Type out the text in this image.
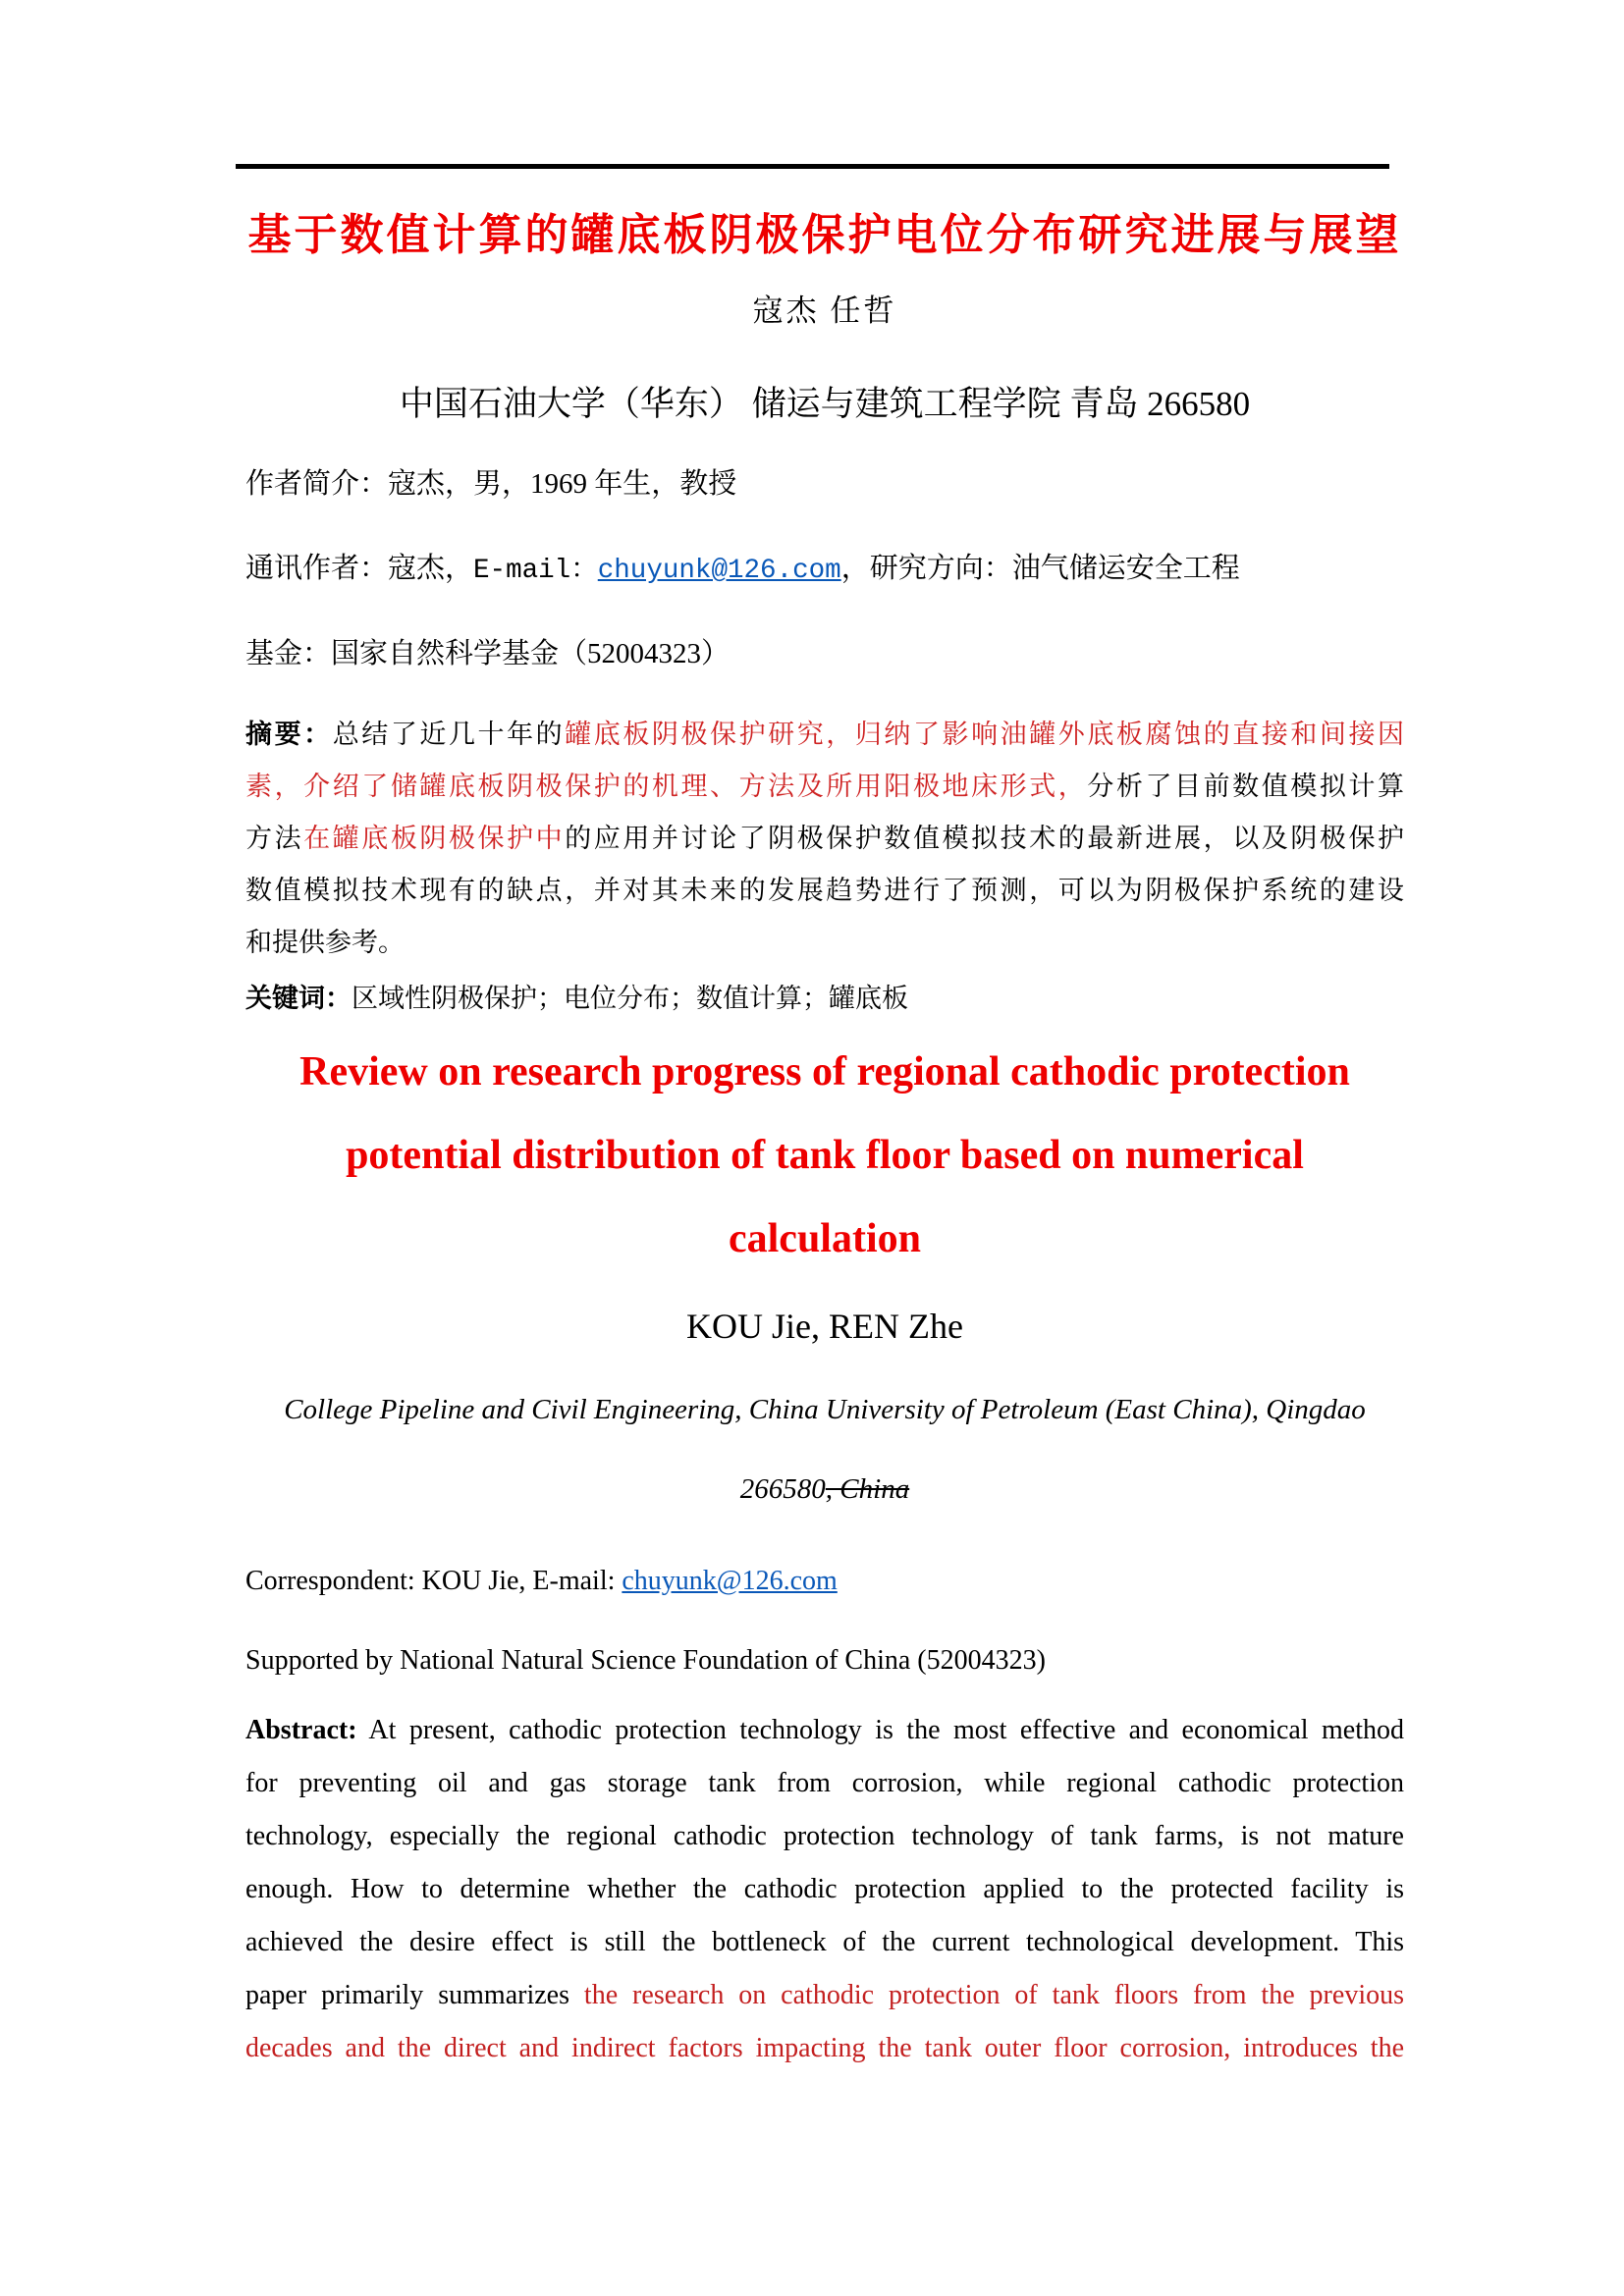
基于数值计算的罐底板阴极保护电位分布研究进展与展望
寇杰 任哲
中国石油大学（华东） 储运与建筑工程学院 青岛 266580
作者简介：寇杰，男，1969 年生，教授
通讯作者：寇杰，E-mail：chuyunk@126.com，研究方向：油气储运安全工程
基金：国家自然科学基金（52004323）
摘要：总结了近几十年的罐底板阴极保护研究，归纳了影响油罐外底板腐蚀的直接和间接因
素，介绍了储罐底板阴极保护的机理、方法及所用阳极地床形式，分析了目前数值模拟计算
方法在罐底板阴极保护中的应用并讨论了阴极保护数值模拟技术的最新进展，以及阴极保护
数值模拟技术现有的缺点，并对其未来的发展趋势进行了预测，可以为阴极保护系统的建设
和提供参考。
关键词：区域性阴极保护；电位分布；数值计算；罐底板
Review on research progress of regional cathodic protection
potential distribution of tank floor based on numerical
calculation
KOU Jie, REN Zhe
College Pipeline and Civil Engineering, China University of Petroleum (East China), Qingdao
266580, China
Correspondent: KOU Jie, E-mail: chuyunk@126.com
Supported by National Natural Science Foundation of China (52004323)
Abstract: At present, cathodic protection technology is the most effective and economical method
for preventing oil and gas storage tank from corrosion, while regional cathodic protection
technology, especially the regional cathodic protection technology of tank farms, is not mature
enough. How to determine whether the cathodic protection applied to the protected facility is
achieved the desire effect is still the bottleneck of the current technological development. This
paper primarily summarizes the research on cathodic protection of tank floors from the previous
decades and the direct and indirect factors impacting the tank outer floor corrosion, introduces the
